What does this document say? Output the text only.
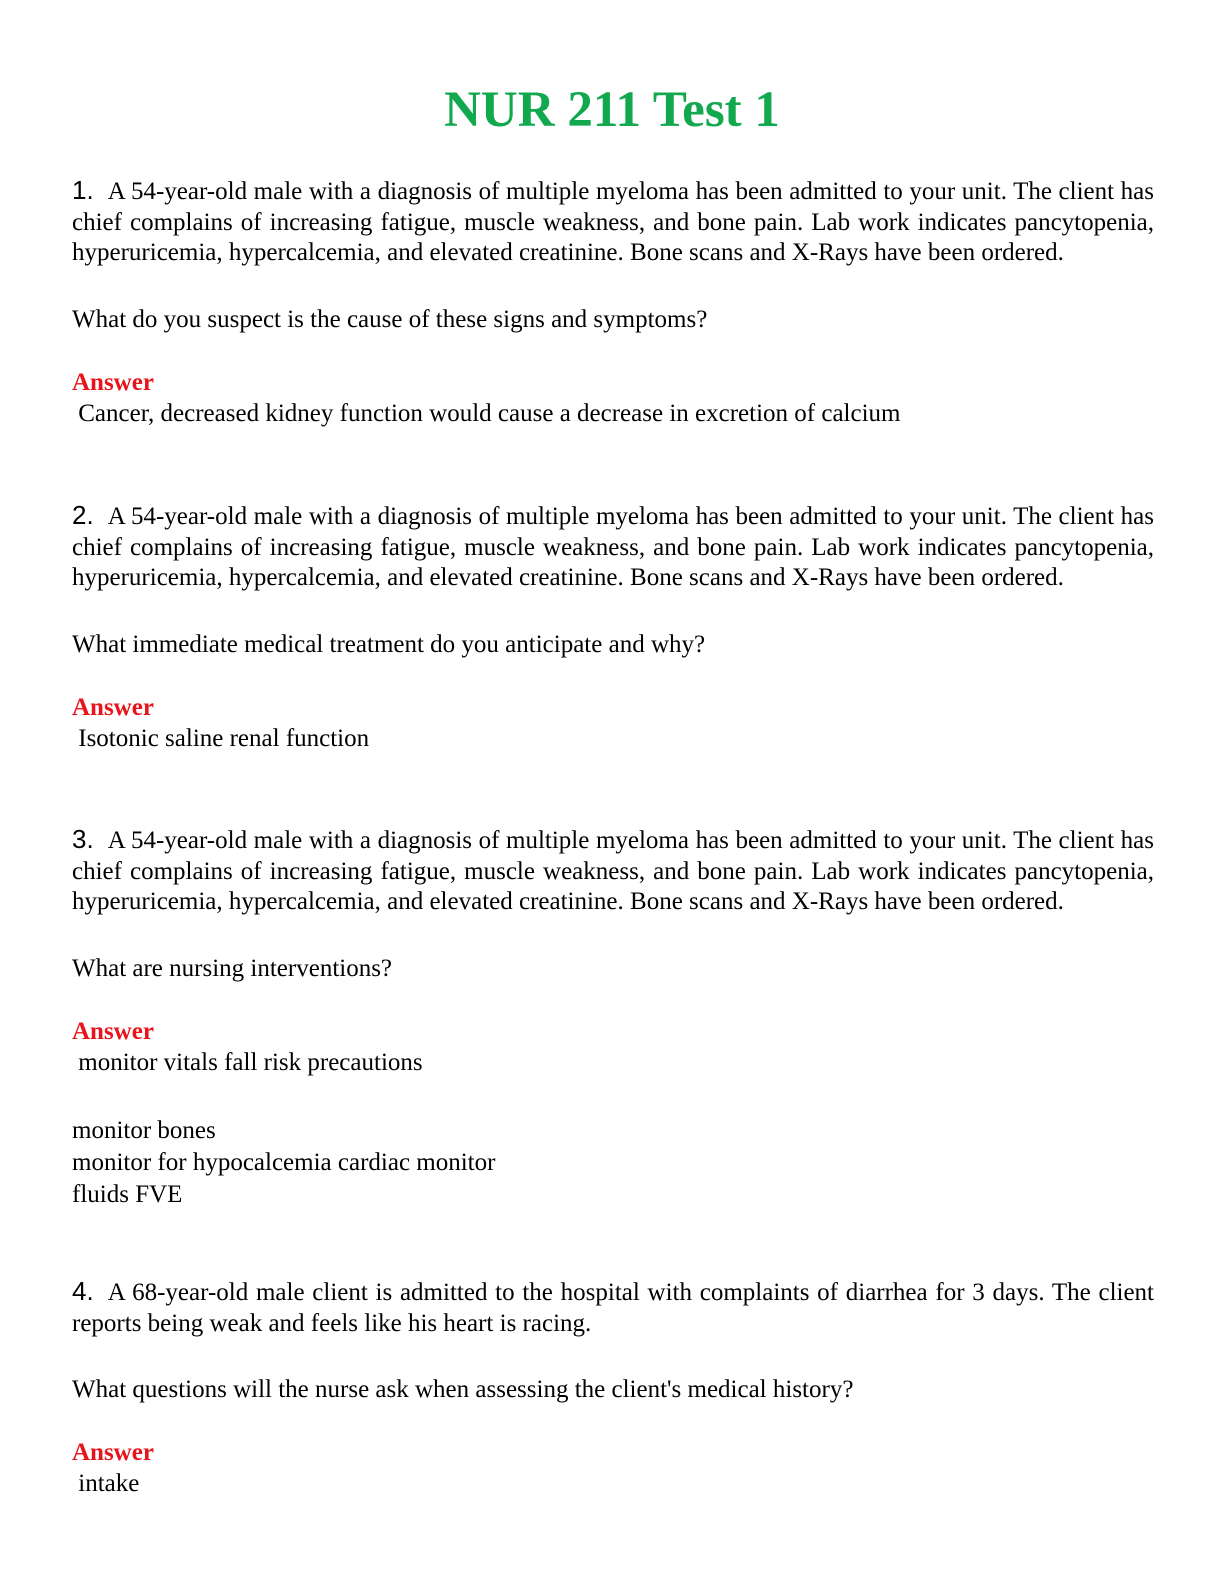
NUR 211 Test 1

1. A 54-year-old male with a diagnosis of multiple myeloma has been admitted to your unit. The client has chief complains of increasing fatigue, muscle weakness, and bone pain. Lab work indicates pancytopenia, hyperuricemia, hypercalcemia, and elevated creatinine. Bone scans and X-Rays have been ordered.

What do you suspect is the cause of these signs and symptoms?

Answer

Cancer, decreased kidney function would cause a decrease in excretion of calcium

2. A 54-year-old male with a diagnosis of multiple myeloma has been admitted to your unit. The client has chief complains of increasing fatigue, muscle weakness, and bone pain. Lab work indicates pancytopenia, hyperuricemia, hypercalcemia, and elevated creatinine. Bone scans and X-Rays have been ordered.

What immediate medical treatment do you anticipate and why?

Answer

Isotonic saline renal function

3. A 54-year-old male with a diagnosis of multiple myeloma has been admitted to your unit. The client has chief complains of increasing fatigue, muscle weakness, and bone pain. Lab work indicates pancytopenia, hyperuricemia, hypercalcemia, and elevated creatinine. Bone scans and X-Rays have been ordered.

What are nursing interventions?

Answer

monitor vitals fall risk precautions

monitor bones

monitor for hypocalcemia cardiac monitor

fluids FVE

4. A 68-year-old male client is admitted to the hospital with complaints of diarrhea for 3 days. The client reports being weak and feels like his heart is racing.

What questions will the nurse ask when assessing the client's medical history?

Answer

intake
